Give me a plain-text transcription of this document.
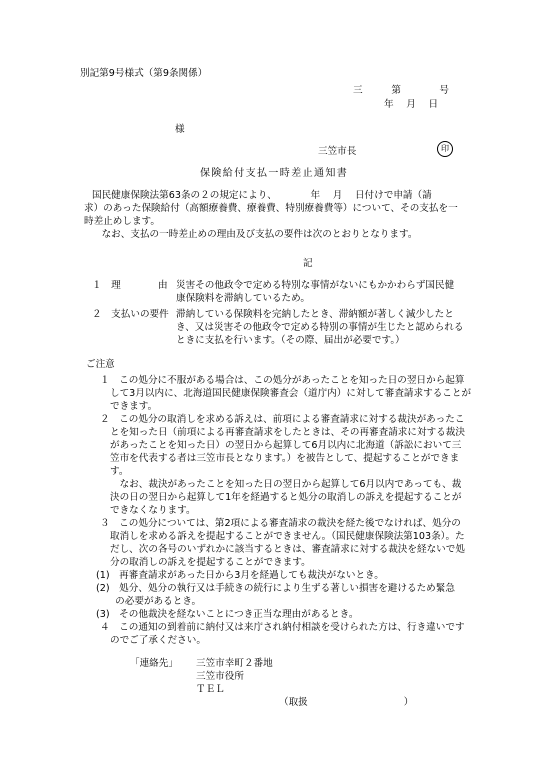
別記第9号様式（第9条関係）
三　　　第　　　　号
年　 月　 日
様
三笠市長	印
保険給付支払一時差止通知書
国民健康保険法第63条の２の規定により、　　　　年　 月　 日付けで申請（請
求）のあった保険給付（高額療養費、療養費、特別療養費等）について、その支払を一
時差止めします。
　なお、支払の一時差止めの理由及び支払の要件は次のとおりとなります。
記
１　理	由 災害その他政令で定める特別な事情がないにもかかわらず国民健
康保険料を滞納しているため。
２　支払いの要件 滞納している保険料を完納したとき、滞納額が著しく減少したと
き、又は災害その他政令で定める特別の事情が生じたと認められる
ときに支払を行います。（その際、届出が必要です。）
ご注意
１　この処分に不服がある場合は、この処分があったことを知った日の翌日から起算
して3月以内に、北海道国民健康保険審査会（道庁内）に対して審査請求することが
できます。
２　この処分の取消しを求める訴えは、前項による審査請求に対する裁決があったこ
とを知った日（前項による再審査請求をしたときは、その再審査請求に対する裁決
があったことを知った日）の翌日から起算して6月以内に北海道（訴訟において三
笠市を代表する者は三笠市長となります。）を被告として、提起することができま
す。
　なお、裁決があったことを知った日の翌日から起算して6月以内であっても、裁
決の日の翌日から起算して1年を経過すると処分の取消しの訴えを提起することが
できなくなります。
３　この処分については、第2項による審査請求の裁決を経た後でなければ、処分の
取消しを求める訴えを提起することができません。（国民健康保険法第103条）。た
だし、次の各号のいずれかに該当するときは、審査請求に対する裁決を経ないで処
分の取消しの訴えを提起することができます。
(1)　再審査請求があった日から3月を経過しても裁決がないとき。
(2)　処分、処分の執行又は手続きの続行により生ずる著しい損害を避けるため緊急
　　の必要があるとき。
(3)　その他裁決を経ないことにつき正当な理由があるとき。
４　この通知の到着前に納付又は来庁され納付相談を受けられた方は、行き違いです
のでご了承ください。
「連絡先」 三笠市幸町２番地
三笠市役所
ＴＥＬ
（取扱　　　　　　　　　　）
